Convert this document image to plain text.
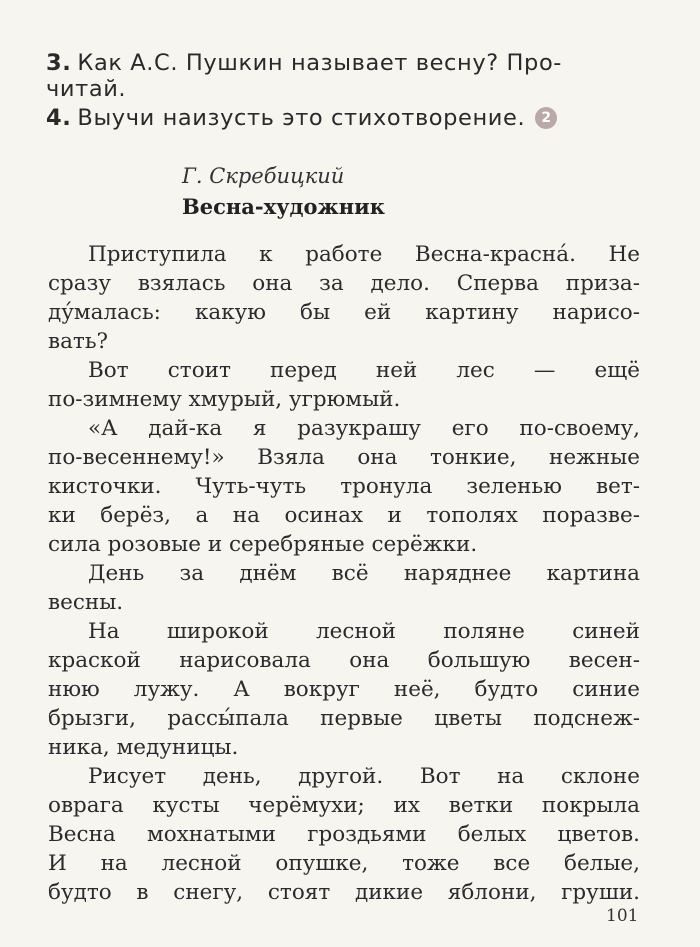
3. Как А.С. Пушкин называет весну? Про-
читай.
4. Выучи наизусть это стихотворение. 2
Г. Скребицкий
Весна-художник
Приступила к работе Весна-красна́. Не
сразу взялась она за дело. Сперва приза-
ду́малась: какую бы ей картину нарисо-
вать?
Вот стоит перед ней лес — ещё
по-зимнему хмурый, угрюмый.
«А дай-ка я разукрашу его по-своему,
по-весеннему!» Взяла она тонкие, нежные
кисточки. Чуть-чуть тронула зеленью вет-
ки берёз, а на осинах и тополях поразве-
сила розовые и серебряные серёжки.
День за днём всё наряднее картина
весны.
На широкой лесной поляне синей
краской нарисовала она большую весен-
нюю лужу. А вокруг неё, будто синие
брызги, рассы́пала первые цветы подснеж-
ника, медуницы.
Рисует день, другой. Вот на склоне
оврага кусты черёмухи; их ветки покрыла
Весна мохнатыми гроздьями белых цветов.
И на лесной опушке, тоже все белые,
будто в снегу, стоят дикие яблони, груши.
101
